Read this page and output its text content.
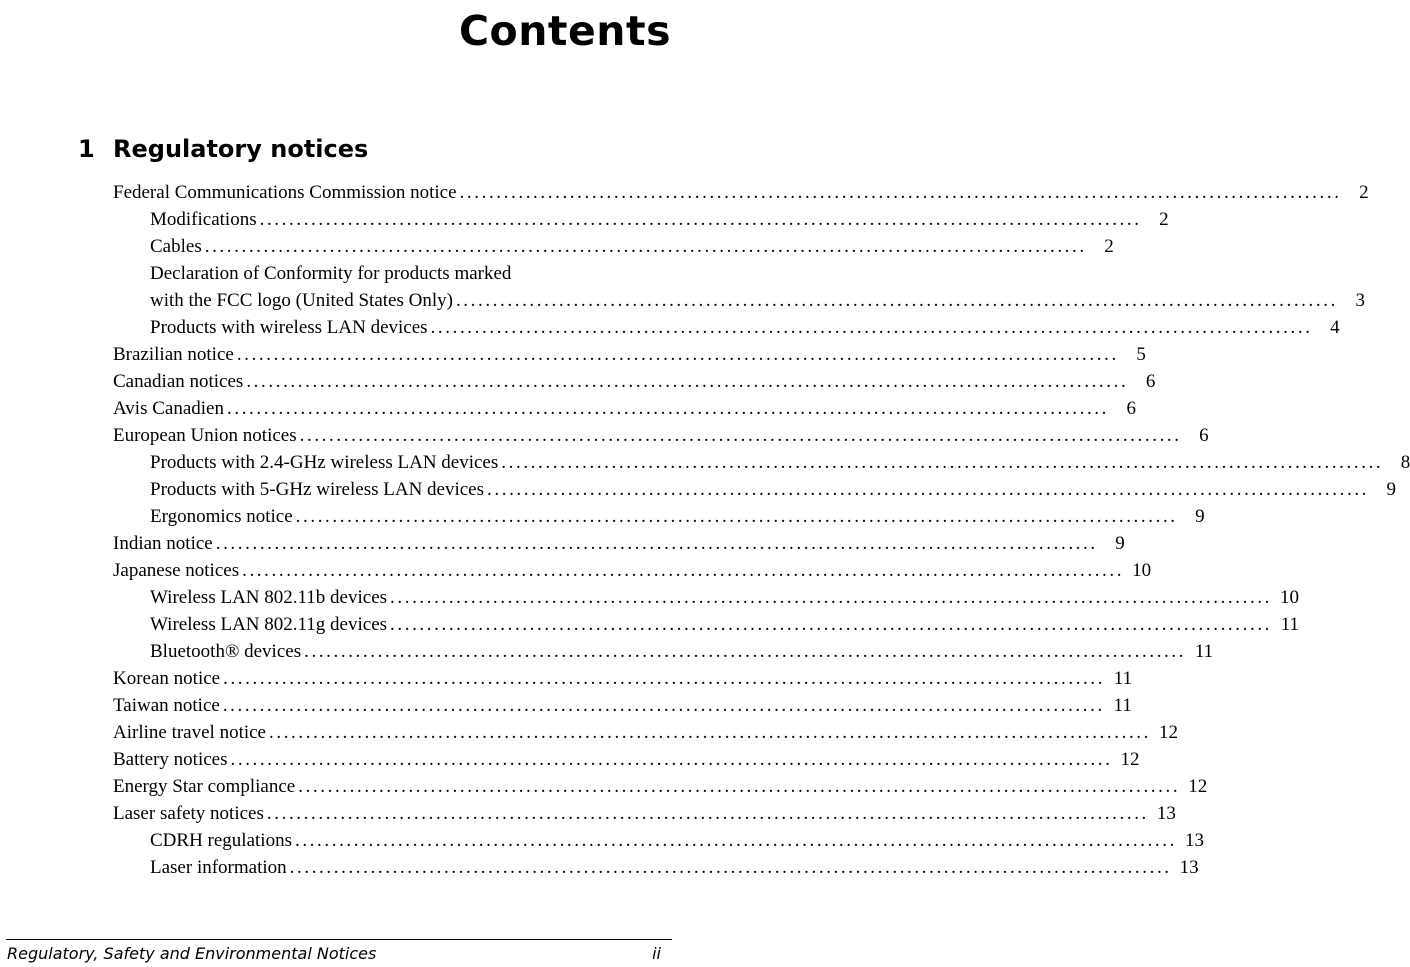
Contents
1 Regulatory notices
Federal Communications Commission notice ........................................................................................................................ 2
Modifications ........................................................................................................................ 2
Cables ........................................................................................................................ 2
Declaration of Conformity for products marked
with the FCC logo (United States Only) ........................................................................................................................ 3
Products with wireless LAN devices ........................................................................................................................ 4
Brazilian notice ........................................................................................................................ 5
Canadian notices ........................................................................................................................ 6
Avis Canadien ........................................................................................................................ 6
European Union notices ........................................................................................................................ 6
Products with 2.4-GHz wireless LAN devices ........................................................................................................................ 8
Products with 5-GHz wireless LAN devices ........................................................................................................................ 9
Ergonomics notice ........................................................................................................................ 9
Indian notice ........................................................................................................................ 9
Japanese notices ........................................................................................................................ 10
Wireless LAN 802.11b devices ........................................................................................................................ 10
Wireless LAN 802.11g devices ........................................................................................................................ 11
Bluetooth® devices ........................................................................................................................ 11
Korean notice ........................................................................................................................ 11
Taiwan notice ........................................................................................................................ 11
Airline travel notice ........................................................................................................................ 12
Battery notices ........................................................................................................................ 12
Energy Star compliance ........................................................................................................................ 12
Laser safety notices ........................................................................................................................ 13
CDRH regulations ........................................................................................................................ 13
Laser information ........................................................................................................................ 13
Regulatory, Safety and Environmental Notices	ii
